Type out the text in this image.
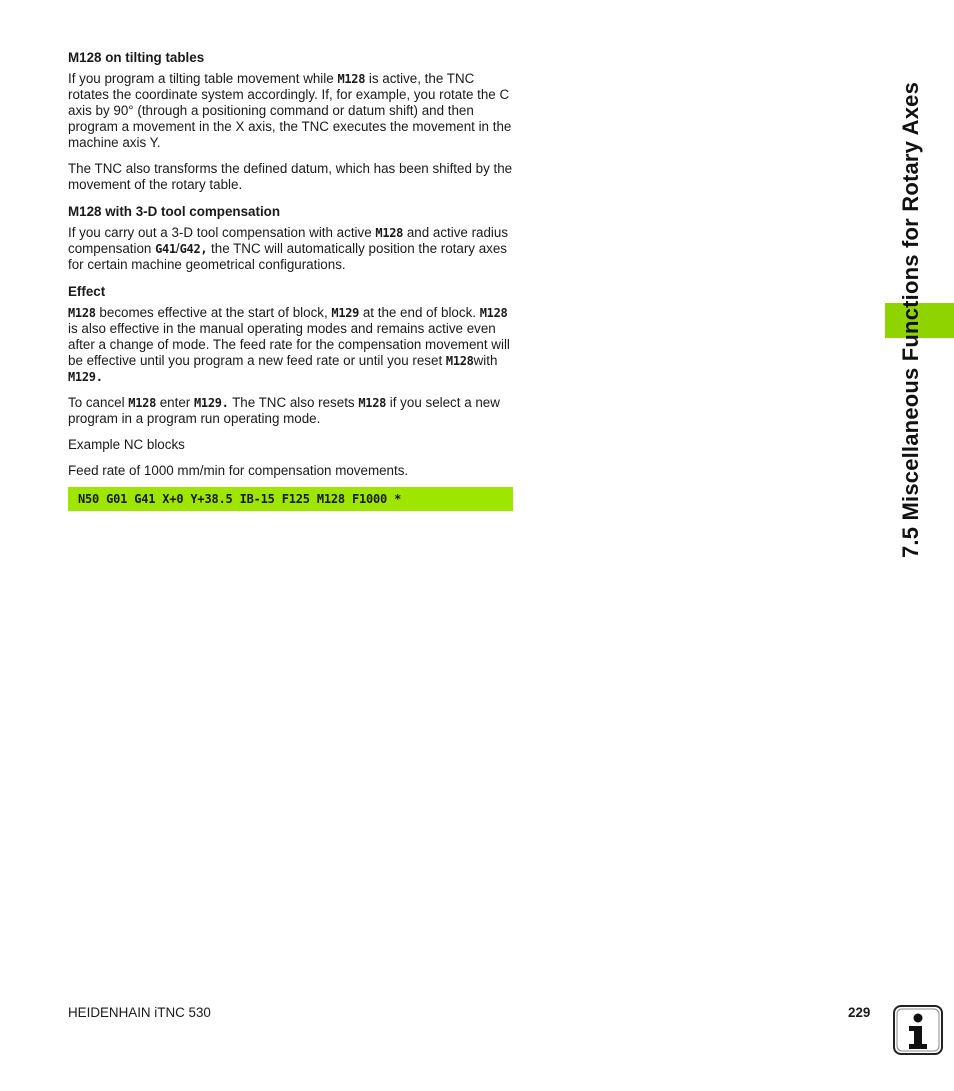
7.5 Miscellaneous Functions for Rotary Axes
M128 on tilting tables

If you program a tilting table movement while M128 is active, the TNC rotates the coordinate system accordingly. If, for example, you rotate the C axis by 90° (through a positioning command or datum shift) and then program a movement in the X axis, the TNC executes the movement in the machine axis Y.

The TNC also transforms the defined datum, which has been shifted by the movement of the rotary table.

M128 with 3-D tool compensation

If you carry out a 3-D tool compensation with active M128 and active radius compensation G41/G42, the TNC will automatically position the rotary axes for certain machine geometrical configurations.

Effect

M128 becomes effective at the start of block, M129 at the end of block. M128 is also effective in the manual operating modes and remains active even after a change of mode. The feed rate for the compensation movement will be effective until you program a new feed rate or until you reset M128with M129.

To cancel M128 enter M129. The TNC also resets M128 if you select a new program in a program run operating mode.

Example NC blocks

Feed rate of 1000 mm/min for compensation movements.

N50 G01 G41 X+0 Y+38.5 IB-15 F125 M128 F1000 *
HEIDENHAIN iTNC 530	229
